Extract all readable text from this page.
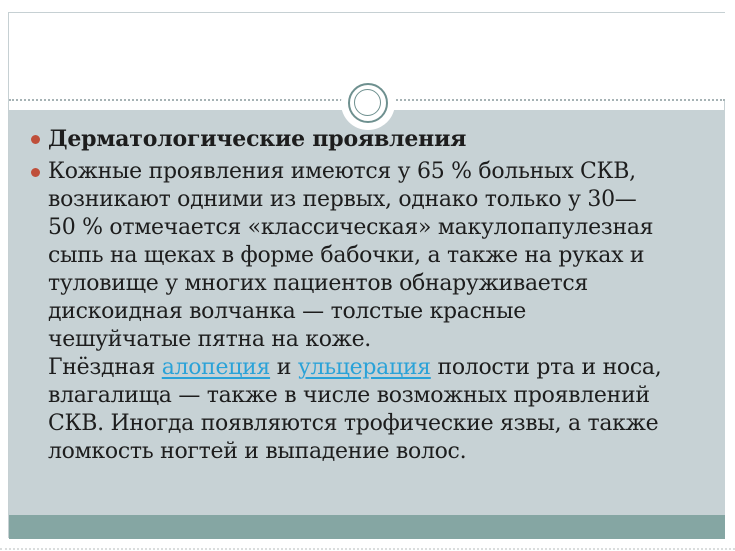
Дерматологические проявления
Кожные проявления имеются у 65 % больных СКВ,
возникают одними из первых, однако только у 30—
50 % отмечается «классическая» макулопапулезная
сыпь на щеках в форме бабочки, а также на руках и
туловище у многих пациентов обнаруживается
дискоидная волчанка — толстые красные
чешуйчатые пятна на коже.
Гнёздная алопеция и ульцерация полости рта и носа,
влагалища — также в числе возможных проявлений
СКВ. Иногда появляются трофические язвы, а также
ломкость ногтей и выпадение волос.
